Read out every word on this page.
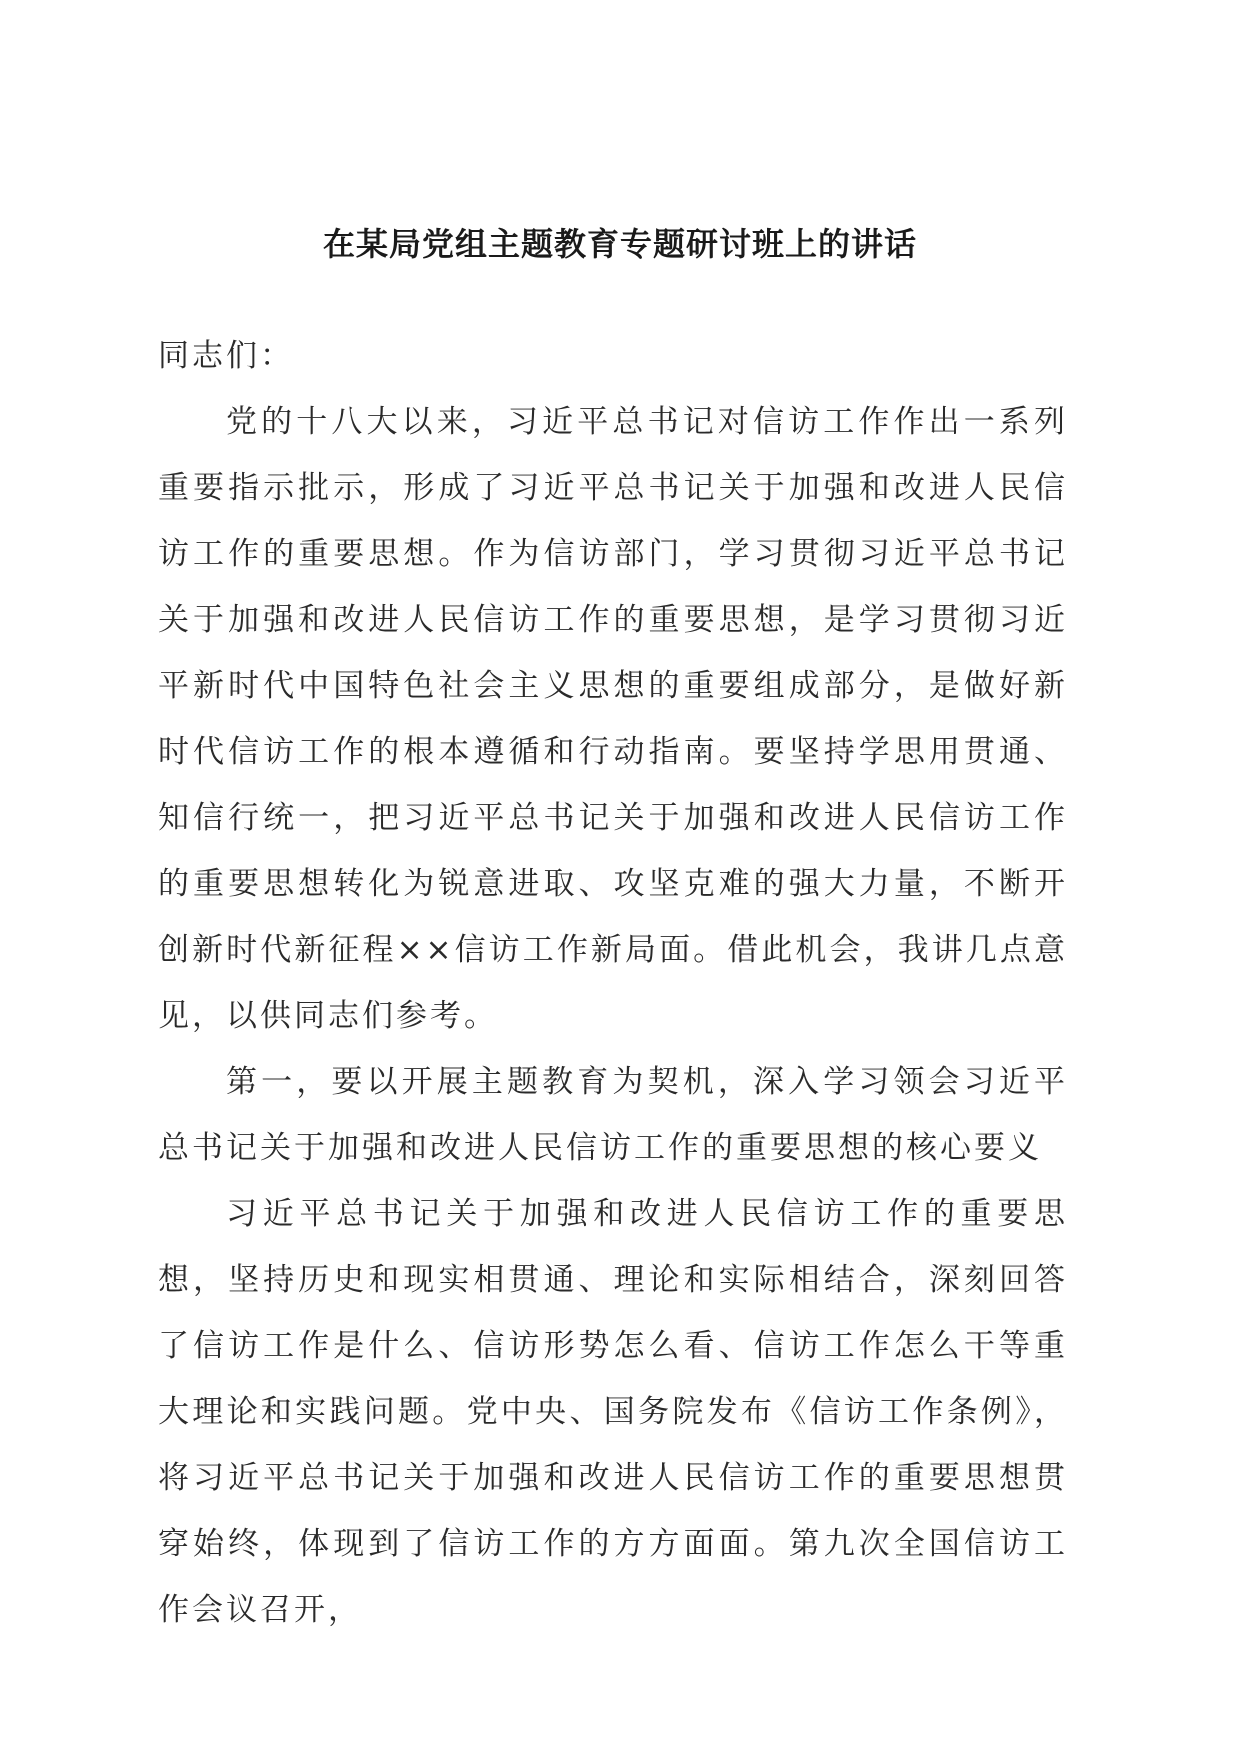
在某局党组主题教育专题研讨班上的讲话

同志们：

党的十八大以来，习近平总书记对信访工作作出一系列重要指示批示，形成了习近平总书记关于加强和改进人民信访工作的重要思想。作为信访部门，学习贯彻习近平总书记关于加强和改进人民信访工作的重要思想，是学习贯彻习近平新时代中国特色社会主义思想的重要组成部分，是做好新时代信访工作的根本遵循和行动指南。要坚持学思用贯通、知信行统一，把习近平总书记关于加强和改进人民信访工作的重要思想转化为锐意进取、攻坚克难的强大力量，不断开创新时代新征程××信访工作新局面。借此机会，我讲几点意见，以供同志们参考。

第一，要以开展主题教育为契机，深入学习领会习近平总书记关于加强和改进人民信访工作的重要思想的核心要义

习近平总书记关于加强和改进人民信访工作的重要思想，坚持历史和现实相贯通、理论和实际相结合，深刻回答了信访工作是什么、信访形势怎么看、信访工作怎么干等重大理论和实践问题。党中央、国务院发布《信访工作条例》，将习近平总书记关于加强和改进人民信访工作的重要思想贯穿始终，体现到了信访工作的方方面面。第九次全国信访工作会议召开，
